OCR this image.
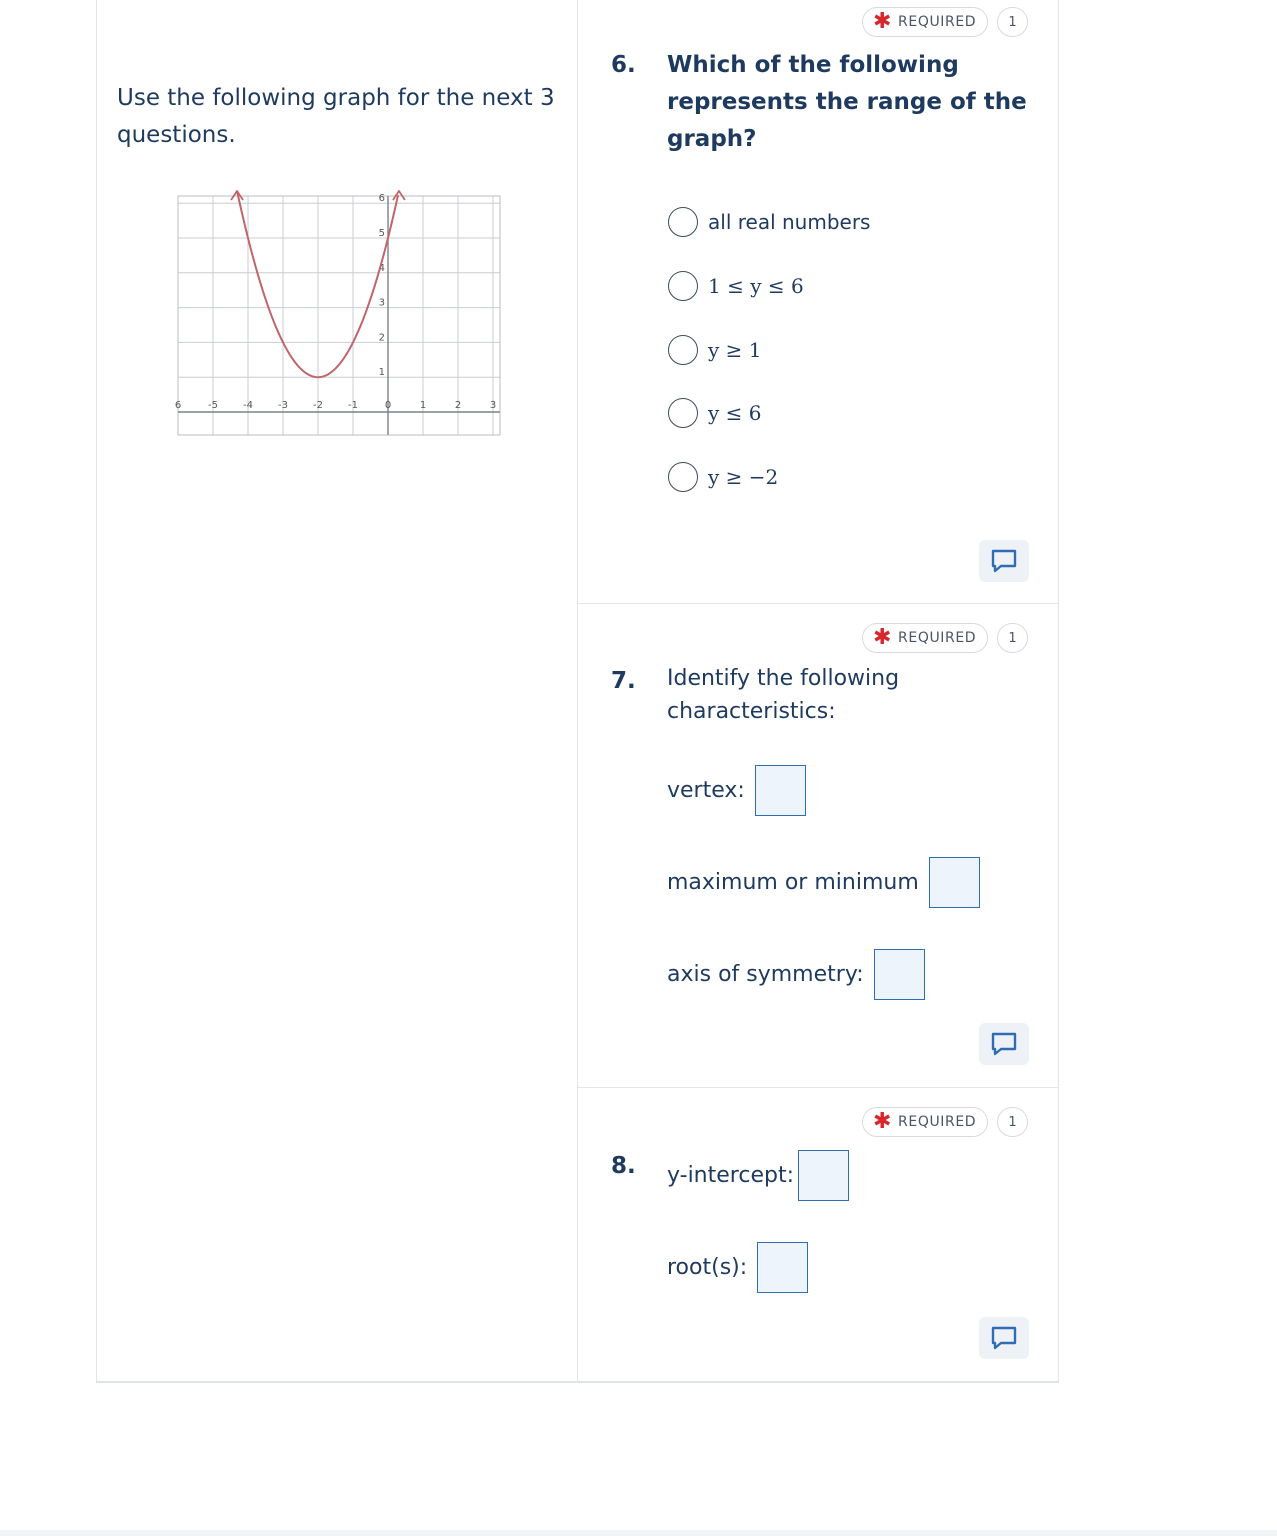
Use the following graph for the next 3 questions.
6	-5	-4	-3	-2	-1	0	1	2	3
1
2
3
4
5
6
✱ REQUIRED	1
6. Which of the following represents the range of the graph?
all real numbers
1 ≤ y ≤ 6
y ≥ 1
y ≤ 6
y ≥ −2
✱ REQUIRED	1
7. Identify the following characteristics:
vertex:
maximum or minimum
axis of symmetry:
✱ REQUIRED	1
8. y-intercept:
root(s):
